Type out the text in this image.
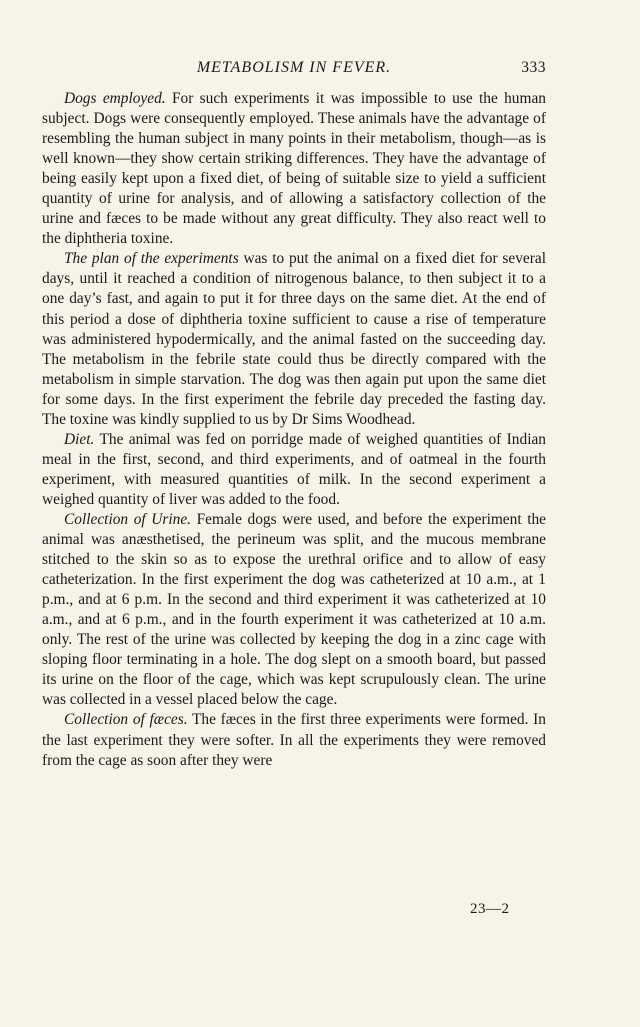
METABOLISM IN FEVER.	333

Dogs employed. For such experiments it was impossible to use the human subject. Dogs were consequently employed. These animals have the advantage of resembling the human subject in many points in their metabolism, though—as is well known—they show certain striking differences. They have the advantage of being easily kept upon a fixed diet, of being of suitable size to yield a sufficient quantity of urine for analysis, and of allowing a satisfactory collection of the urine and fæces to be made without any great difficulty. They also react well to the diphtheria toxine.

The plan of the experiments was to put the animal on a fixed diet for several days, until it reached a condition of nitrogenous balance, to then subject it to a one day’s fast, and again to put it for three days on the same diet. At the end of this period a dose of diphtheria toxine sufficient to cause a rise of temperature was administered hypodermically, and the animal fasted on the succeeding day. The metabolism in the febrile state could thus be directly compared with the metabolism in simple starvation. The dog was then again put upon the same diet for some days. In the first experiment the febrile day preceded the fasting day. The toxine was kindly supplied to us by Dr Sims Woodhead.

Diet. The animal was fed on porridge made of weighed quantities of Indian meal in the first, second, and third experiments, and of oatmeal in the fourth experiment, with measured quantities of milk. In the second experiment a weighed quantity of liver was added to the food.

Collection of Urine. Female dogs were used, and before the experiment the animal was anæsthetised, the perineum was split, and the mucous membrane stitched to the skin so as to expose the urethral orifice and to allow of easy catheterization. In the first experiment the dog was catheterized at 10 a.m., at 1 p.m., and at 6 p.m. In the second and third experiment it was catheterized at 10 a.m., and at 6 p.m., and in the fourth experiment it was catheterized at 10 a.m. only. The rest of the urine was collected by keeping the dog in a zinc cage with sloping floor terminating in a hole. The dog slept on a smooth board, but passed its urine on the floor of the cage, which was kept scrupulously clean. The urine was collected in a vessel placed below the cage.

Collection of fæces. The fæces in the first three experiments were formed. In the last experiment they were softer. In all the experiments they were removed from the cage as soon after they were

23—2
